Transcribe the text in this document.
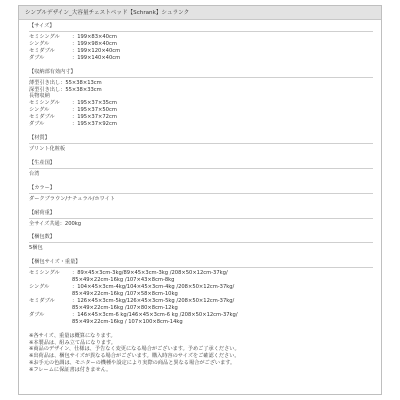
シンプルデザイン_大容量チェストベッド【Schrank】シュランク
【サイズ】
セミシングル	：199×83×40cm
シングル	：199×98×40cm
セミダブル	：199×120×40cm
ダブル	：199×140×40cm
【収納部有効内寸】
薄型引き出し：55×38×13cm
深型引き出し：55×38×33cm
長物収納
セミシングル	：195×37×35cm
シングル	：195×37×50cm
セミダブル	：195×37×72cm
ダブル	：195×37×92cm
【材質】
プリント化粧板
【生産国】
台湾
【カラー】
ダークブラウン/ナチュラル/ホワイト
【耐荷重】
全サイズ共通：200kg
【梱包数】
5梱包
【梱包サイズ・重量】
セミシングル	：89×45×3cm-3kg/89×45×3cm-3kg /208×50×12cm-37kg/
85×49×22cm-16kg /107×43×8cm-8kg
シングル	：104×45×3cm-4kg/104×45×3cm-4kg /208×50×12cm-37kg/
85×49×22cm-16kg /107×58×8cm-10kg
セミダブル	：126×45×3cm-5kg/126×45×3cm-5kg /208×50×12cm-37kg/
85×49×22cm-16kg /107×80×8cm-12kg
ダブル	：146×45×3cm-6 kg/146×45×3cm-6 kg /208×50×12cm-37kg/
85×49×22cm-16kg / 107×100×8cm-14kg
※各サイズ、重量は概算になります。
※本製品は、組み立て品になります。
※商品のデザイン、仕様は、予告なく変更になる場合がございます。予めご了承ください。
※出荷品は、梱包サイズが異なる場合がございます。購入時容のサイズをご確認ください。
※お手元の色調は、モニターの機種や設定により実際の商品と異なる場合がございます。
※フレームに保証書は付きません。
